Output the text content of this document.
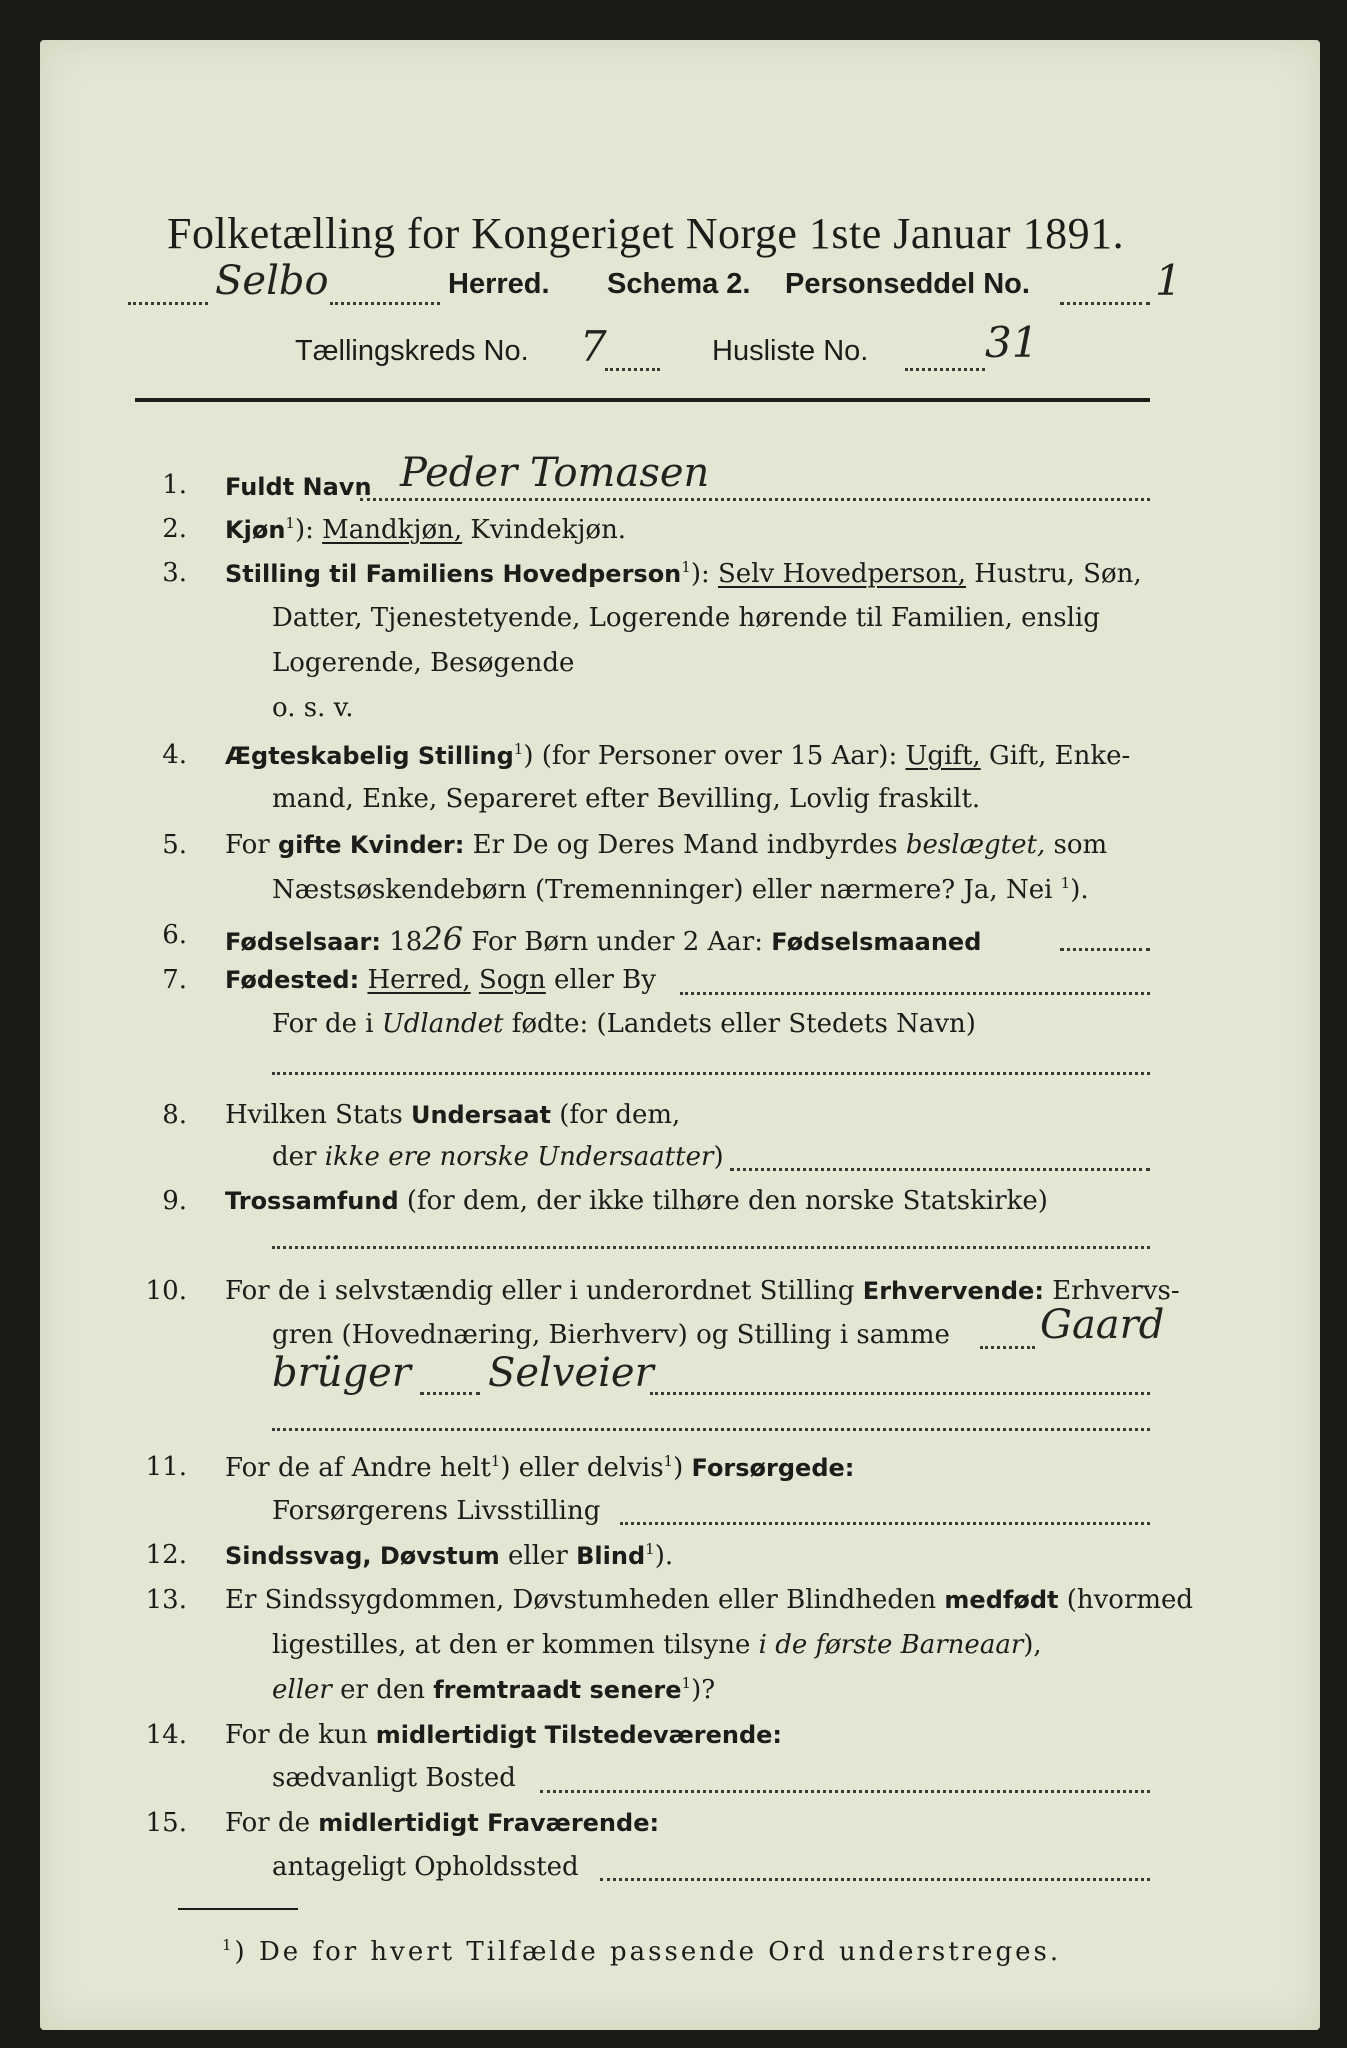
Folketælling for Kongeriget Norge 1ste Januar 1891.
Selbo	Herred. Schema 2. Personseddel No.	1
Tællingskreds No. 7	Husliste No.	31
1. Fuldt Navn Peder Tomasen
2. Kjøn$^1$): Mandkjøn, Kvindekjøn.
3. Stilling til Familiens Hovedperson$^1$): Selv Hovedperson, Hustru, Søn,
Datter, Tjenestetyende, Logerende hørende til Familien, enslig
Logerende, Besøgende
o. s. v.
4. Ægteskabelig Stilling$^1$) (for Personer over 15 Aar): Ugift, Gift, Enke-
mand, Enke, Separeret efter Bevilling, Lovlig fraskilt.
5. For gifte Kvinder: Er De og Deres Mand indbyrdes beslægtet, som
Næstsøskendebørn (Tremenninger) eller nærmere? Ja, Nei $^1$).
6. Fødselsaar: 1826 For Børn under 2 Aar: Fødselsmaaned
7. Fødested: Herred, Sogn eller By
For de i Udlandet fødte: (Landets eller Stedets Navn)
8. Hvilken Stats Undersaat (for dem,
der ikke ere norske Undersaatter)
9. Trossamfund (for dem, der ikke tilhøre den norske Statskirke)
10. For de i selvstændig eller i underordnet Stilling Erhvervende: Erhvervs-
gren (Hovednæring, Bierhverv) og Stilling i samme Gaard
brüger Selveier
11. For de af Andre helt$^1$) eller delvis$^1$) Forsørgede:
Forsørgerens Livsstilling
12. Sindssvag, Døvstum eller Blind$^1$).
13. Er Sindssygdommen, Døvstumheden eller Blindheden medfødt (hvormed
ligestilles, at den er kommen tilsyne i de første Barneaar),
eller er den fremtraadt senere$^1$)?
14. For de kun midlertidigt Tilstedeværende:
sædvanligt Bosted
15. For de midlertidigt Fraværende:
antageligt Opholdssted
$^1$) De for hvert Tilfælde passende Ord understreges.
